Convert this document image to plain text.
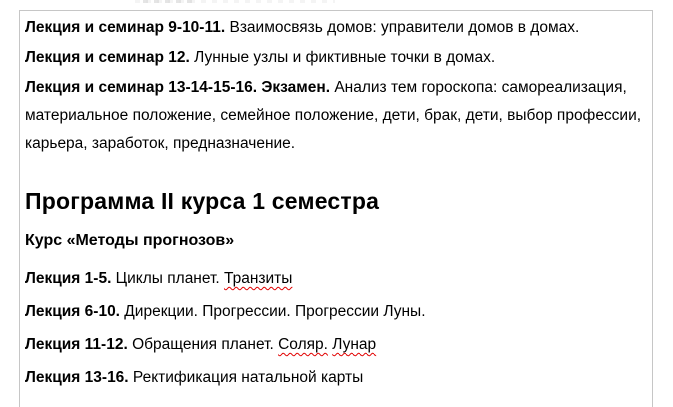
Лекция и семинар 9-10-11. Взаимосвязь домов: управители домов в домах.

Лекция и семинар 12. Лунные узлы и фиктивные точки в домах.

Лекция и семинар 13-14-15-16. Экзамен. Анализ тем гороскопа: самореализация, материальное положение, семейное положение, дети, брак, дети, выбор профессии, карьера, заработок, предназначение.

Программа II курса 1 семестра
Курс «Методы прогнозов»

Лекция 1-5. Циклы планет. Транзиты

Лекция 6-10. Дирекции. Прогрессии. Прогрессии Луны.

Лекция 11-12. Обращения планет. Соляр. Лунар

Лекция 13-16. Ректификация натальной карты
